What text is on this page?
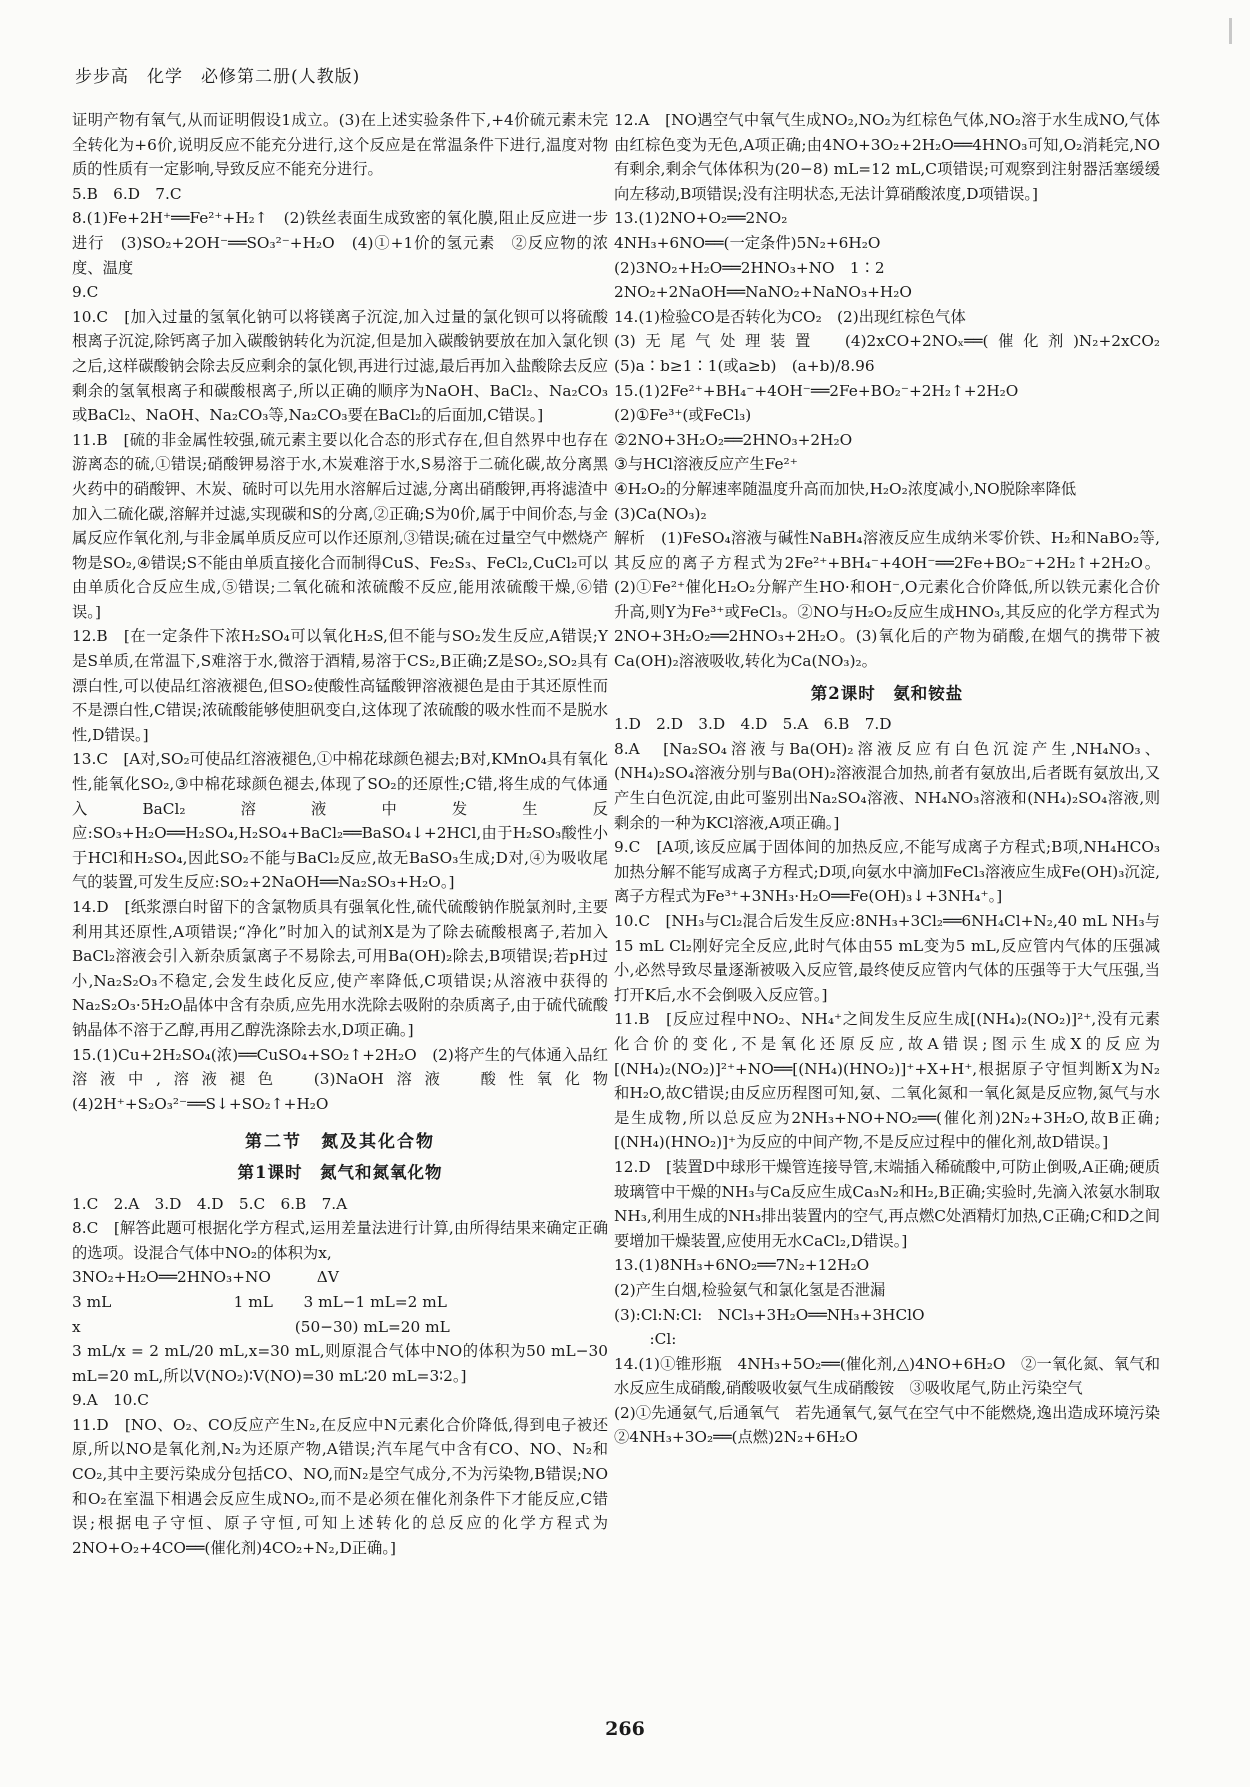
步步高　化学　必修第二册(人教版)

证明产物有氧气,从而证明假设1成立。(3)在上述实验条件下,+4价硫元素未完全转化为+6价,说明反应不能充分进行,这个反应是在常温条件下进行,温度对物质的性质有一定影响,导致反应不能充分进行。

5.B　6.D　7.C

8.(1)Fe+2H⁺══Fe²⁺+H₂↑　(2)铁丝表面生成致密的氧化膜,阻止反应进一步进行　(3)SO₂+2OH⁻══SO₃²⁻+H₂O　(4)①+1价的氢元素　②反应物的浓度、温度

9.C

10.C　[加入过量的氢氧化钠可以将镁离子沉淀,加入过量的氯化钡可以将硫酸根离子沉淀,除钙离子加入碳酸钠转化为沉淀,但是加入碳酸钠要放在加入氯化钡之后,这样碳酸钠会除去反应剩余的氯化钡,再进行过滤,最后再加入盐酸除去反应剩余的氢氧根离子和碳酸根离子,所以正确的顺序为NaOH、BaCl₂、Na₂CO₃或BaCl₂、NaOH、Na₂CO₃等,Na₂CO₃要在BaCl₂的后面加,C错误。]

11.B　[硫的非金属性较强,硫元素主要以化合态的形式存在,但自然界中也存在游离态的硫,①错误;硝酸钾易溶于水,木炭难溶于水,S易溶于二硫化碳,故分离黑火药中的硝酸钾、木炭、硫时可以先用水溶解后过滤,分离出硝酸钾,再将滤渣中加入二硫化碳,溶解并过滤,实现碳和S的分离,②正确;S为0价,属于中间价态,与金属反应作氧化剂,与非金属单质反应可以作还原剂,③错误;硫在过量空气中燃烧产物是SO₂,④错误;S不能由单质直接化合而制得CuS、Fe₂S₃、FeCl₂,CuCl₂可以由单质化合反应生成,⑤错误;二氧化硫和浓硫酸不反应,能用浓硫酸干燥,⑥错误。]

12.B　[在一定条件下浓H₂SO₄可以氧化H₂S,但不能与SO₂发生反应,A错误;Y是S单质,在常温下,S难溶于水,微溶于酒精,易溶于CS₂,B正确;Z是SO₂,SO₂具有漂白性,可以使品红溶液褪色,但SO₂使酸性高锰酸钾溶液褪色是由于其还原性而不是漂白性,C错误;浓硫酸能够使胆矾变白,这体现了浓硫酸的吸水性而不是脱水性,D错误。]

13.C　[A对,SO₂可使品红溶液褪色,①中棉花球颜色褪去;B对,KMnO₄具有氧化性,能氧化SO₂,③中棉花球颜色褪去,体现了SO₂的还原性;C错,将生成的气体通入BaCl₂溶液中发生反应:SO₃+H₂O══H₂SO₄,H₂SO₄+BaCl₂══BaSO₄↓+2HCl,由于H₂SO₃酸性小于HCl和H₂SO₄,因此SO₂不能与BaCl₂反应,故无BaSO₃生成;D对,④为吸收尾气的装置,可发生反应:SO₂+2NaOH══Na₂SO₃+H₂O。]

14.D　[纸浆漂白时留下的含氯物质具有强氧化性,硫代硫酸钠作脱氯剂时,主要利用其还原性,A项错误;“净化”时加入的试剂X是为了除去硫酸根离子,若加入BaCl₂溶液会引入新杂质氯离子不易除去,可用Ba(OH)₂除去,B项错误;若pH过小,Na₂S₂O₃不稳定,会发生歧化反应,使产率降低,C项错误;从溶液中获得的Na₂S₂O₃·5H₂O晶体中含有杂质,应先用水洗除去吸附的杂质离子,由于硫代硫酸钠晶体不溶于乙醇,再用乙醇洗涤除去水,D项正确。]

15.(1)Cu+2H₂SO₄(浓)══CuSO₄+SO₂↑+2H₂O　(2)将产生的气体通入品红溶液中,溶液褪色　(3)NaOH溶液　酸性氧化物　(4)2H⁺+S₂O₃²⁻══S↓+SO₂↑+H₂O

第二节　氮及其化合物
第1课时　氮气和氮氧化物

1.C　2.A　3.D　4.D　5.C　6.B　7.A

8.C　[解答此题可根据化学方程式,运用差量法进行计算,由所得结果来确定正确的选项。设混合气体中NO₂的体积为x,
3NO₂+H₂O══2HNO₃+NO　　　ΔV
3 mL　　　　　　　　1 mL　　3 mL−1 mL=2 mL
x　　　　　　　　　　　　　　(50−30) mL=20 mL
3 mL/x = 2 mL/20 mL,x=30 mL,则原混合气体中NO的体积为50 mL−30 mL=20 mL,所以V(NO₂)∶V(NO)=30 mL∶20 mL=3∶2。]

9.A　10.C

11.D　[NO、O₂、CO反应产生N₂,在反应中N元素化合价降低,得到电子被还原,所以NO是氧化剂,N₂为还原产物,A错误;汽车尾气中含有CO、NO、N₂和CO₂,其中主要污染成分包括CO、NO,而N₂是空气成分,不为污染物,B错误;NO和O₂在室温下相遇会反应生成NO₂,而不是必须在催化剂条件下才能反应,C错误;根据电子守恒、原子守恒,可知上述转化的总反应的化学方程式为2NO+O₂+4CO══(催化剂)4CO₂+N₂,D正确。]

12.A　[NO遇空气中氧气生成NO₂,NO₂为红棕色气体,NO₂溶于水生成NO,气体由红棕色变为无色,A项正确;由4NO+3O₂+2H₂O══4HNO₃可知,O₂消耗完,NO有剩余,剩余气体体积为(20−8) mL=12 mL,C项错误;可观察到注射器活塞缓缓向左移动,B项错误;没有注明状态,无法计算硝酸浓度,D项错误。]

13.(1)2NO+O₂══2NO₂
4NH₃+6NO══(一定条件)5N₂+6H₂O
(2)3NO₂+H₂O══2HNO₃+NO　1∶2
2NO₂+2NaOH══NaNO₂+NaNO₃+H₂O

14.(1)检验CO是否转化为CO₂　(2)出现红棕色气体
(3)无尾气处理装置　(4)2xCO+2NOₓ══(催化剂)N₂+2xCO₂　(5)a∶b≥1∶1(或a≥b)　(a+b)/8.96

15.(1)2Fe²⁺+BH₄⁻+4OH⁻══2Fe+BO₂⁻+2H₂↑+2H₂O
(2)①Fe³⁺(或FeCl₃)
②2NO+3H₂O₂══2HNO₃+2H₂O
③与HCl溶液反应产生Fe²⁺
④H₂O₂的分解速率随温度升高而加快,H₂O₂浓度减小,NO脱除率降低
(3)Ca(NO₃)₂

解析　(1)FeSO₄溶液与碱性NaBH₄溶液反应生成纳米零价铁、H₂和NaBO₂等,其反应的离子方程式为2Fe²⁺+BH₄⁻+4OH⁻══2Fe+BO₂⁻+2H₂↑+2H₂O。(2)①Fe²⁺催化H₂O₂分解产生HO·和OH⁻,O元素化合价降低,所以铁元素化合价升高,则Y为Fe³⁺或FeCl₃。②NO与H₂O₂反应生成HNO₃,其反应的化学方程式为2NO+3H₂O₂══2HNO₃+2H₂O。(3)氧化后的产物为硝酸,在烟气的携带下被Ca(OH)₂溶液吸收,转化为Ca(NO₃)₂。

第2课时　氨和铵盐

1.D　2.D　3.D　4.D　5.A　6.B　7.D

8.A　[Na₂SO₄溶液与Ba(OH)₂溶液反应有白色沉淀产生,NH₄NO₃、(NH₄)₂SO₄溶液分别与Ba(OH)₂溶液混合加热,前者有氨放出,后者既有氨放出,又产生白色沉淀,由此可鉴别出Na₂SO₄溶液、NH₄NO₃溶液和(NH₄)₂SO₄溶液,则剩余的一种为KCl溶液,A项正确。]

9.C　[A项,该反应属于固体间的加热反应,不能写成离子方程式;B项,NH₄HCO₃加热分解不能写成离子方程式;D项,向氨水中滴加FeCl₃溶液应生成Fe(OH)₃沉淀,离子方程式为Fe³⁺+3NH₃·H₂O══Fe(OH)₃↓+3NH₄⁺。]

10.C　[NH₃与Cl₂混合后发生反应:8NH₃+3Cl₂══6NH₄Cl+N₂,40 mL NH₃与15 mL Cl₂刚好完全反应,此时气体由55 mL变为5 mL,反应管内气体的压强减小,必然导致尽量逐渐被吸入反应管,最终使反应管内气体的压强等于大气压强,当打开K后,水不会倒吸入反应管。]

11.B　[反应过程中NO₂、NH₄⁺之间发生反应生成[(NH₄)₂(NO₂)]²⁺,没有元素化合价的变化,不是氧化还原反应,故A错误;图示生成X的反应为[(NH₄)₂(NO₂)]²⁺+NO══[(NH₄)(HNO₂)]⁺+X+H⁺,根据原子守恒判断X为N₂和H₂O,故C错误;由反应历程图可知,氨、二氧化氮和一氧化氮是反应物,氮气与水是生成物,所以总反应为2NH₃+NO+NO₂══(催化剂)2N₂+3H₂O,故B正确;[(NH₄)(HNO₂)]⁺为反应的中间产物,不是反应过程中的催化剂,故D错误。]

12.D　[装置D中球形干燥管连接导管,末端插入稀硫酸中,可防止倒吸,A正确;硬质玻璃管中干燥的NH₃与Ca反应生成Ca₃N₂和H₂,B正确;实验时,先滴入浓氨水制取NH₃,利用生成的NH₃排出装置内的空气,再点燃C处酒精灯加热,C正确;C和D之间要增加干燥装置,应使用无水CaCl₂,D错误。]

13.(1)8NH₃+6NO₂══7N₂+12H₂O
(2)产生白烟,检验氨气和氯化氢是否泄漏
(3):Cl:N:Cl:　NCl₃+3H₂O══NH₃+3HClO
　　 :Cl:

14.(1)①锥形瓶　4NH₃+5O₂══(催化剂,△)4NO+6H₂O　②一氧化氮、氧气和水反应生成硝酸,硝酸吸收氨气生成硝酸铵　③吸收尾气,防止污染空气
(2)①先通氨气,后通氧气　若先通氧气,氨气在空气中不能燃烧,逸出造成环境污染　②4NH₃+3O₂══(点燃)2N₂+6H₂O

266
